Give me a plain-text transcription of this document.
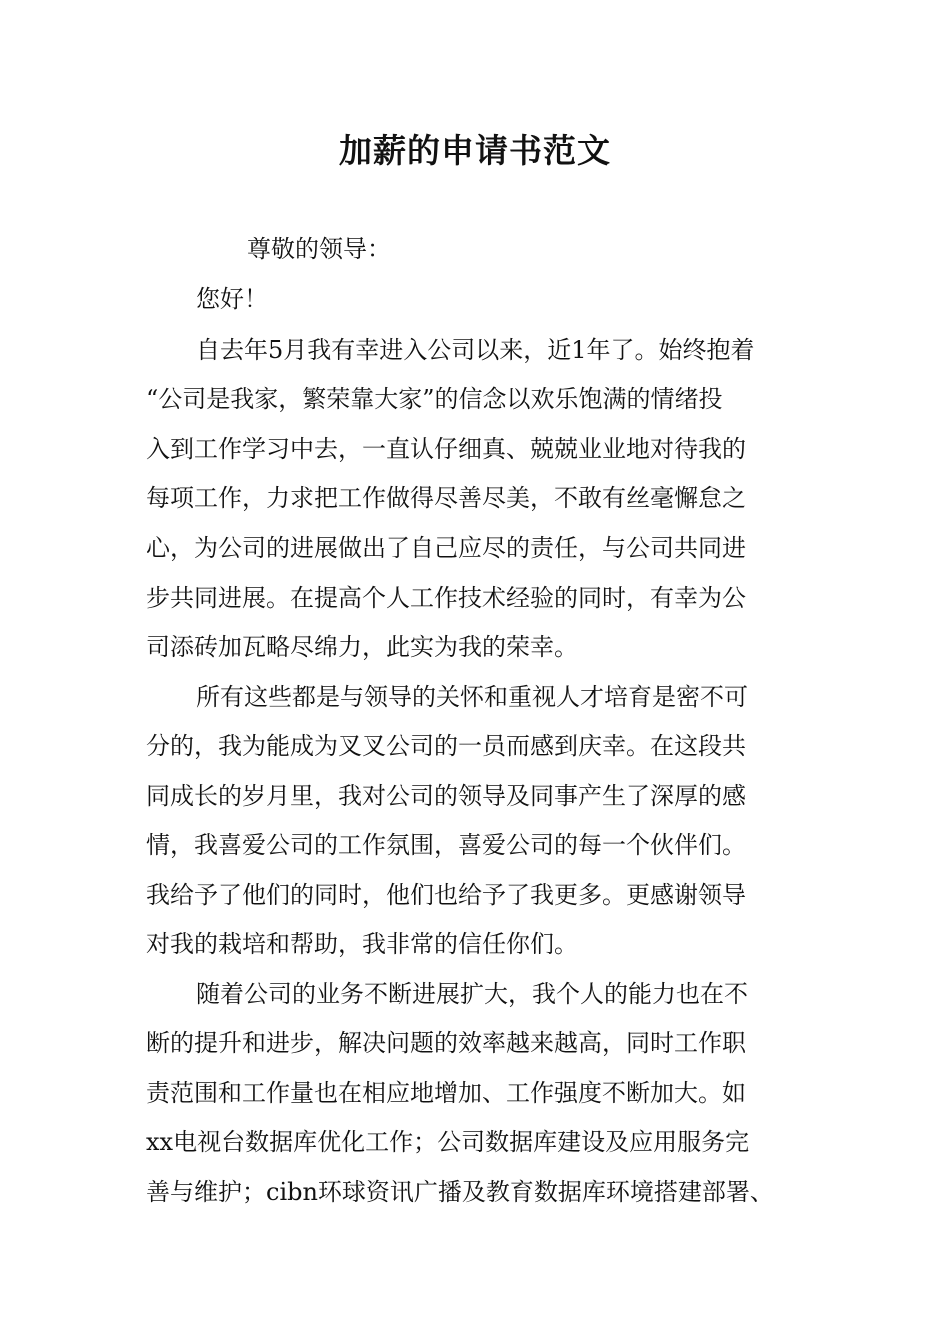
加薪的申请书范文

尊敬的领导：

您好！

自去年5月我有幸进入公司以来，近1年了。始终抱着

“公司是我家，繁荣靠大家”的信念以欢乐饱满的情绪投

入到工作学习中去，一直认仔细真、兢兢业业地对待我的

每项工作，力求把工作做得尽善尽美，不敢有丝毫懈怠之

心，为公司的进展做出了自己应尽的责任，与公司共同进

步共同进展。在提高个人工作技术经验的同时，有幸为公

司添砖加瓦略尽绵力，此实为我的荣幸。

所有这些都是与领导的关怀和重视人才培育是密不可

分的，我为能成为叉叉公司的一员而感到庆幸。在这段共

同成长的岁月里，我对公司的领导及同事产生了深厚的感

情，我喜爱公司的工作氛围，喜爱公司的每一个伙伴们。

我给予了他们的同时，他们也给予了我更多。更感谢领导

对我的栽培和帮助，我非常的信任你们。

随着公司的业务不断进展扩大，我个人的能力也在不

断的提升和进步，解决问题的效率越来越高，同时工作职

责范围和工作量也在相应地增加、工作强度不断加大。如

xx电视台数据库优化工作；公司数据库建设及应用服务完

善与维护；cibn环球资讯广播及教育数据库环境搭建部署、
